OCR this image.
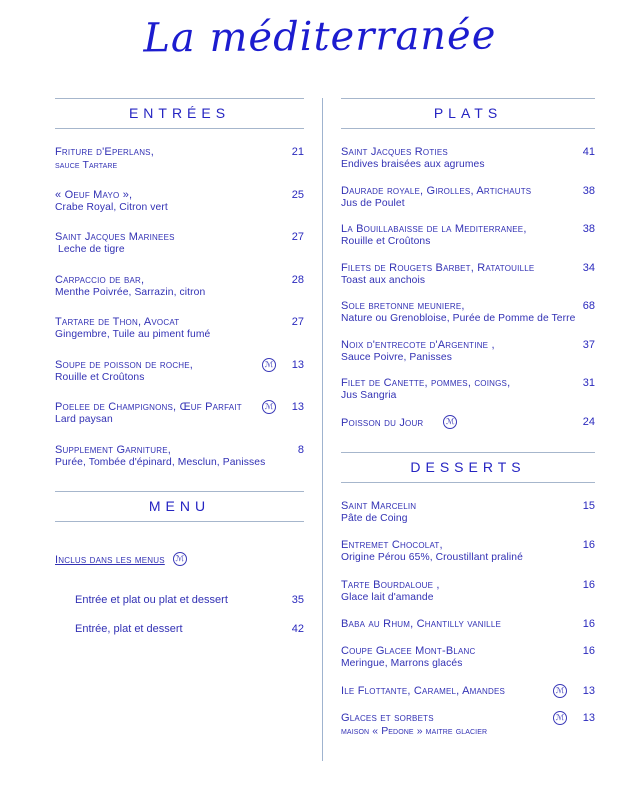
La méditerranée
ENTRÉES
Friture d'Eperlans,
sauce Tartare
21
« Oeuf Mayo »,
Crabe Royal, Citron vert
25
Saint Jacques Marinees
Leche de tigre
27
Carpaccio de bar,
Menthe Poivrée, Sarrazin, citron
28
Tartare de Thon, Avocat
Gingembre, Tuile au piment fumé
27
Soupe de poisson de roche,
Rouille et Croûtons
ℳ	13
Poelee de Champignons, Œuf Parfait
Lard paysan
ℳ	13
Supplement Garniture,
Purée, Tombée d'épinard, Mesclun, Panisses
8
MENU
Inclus dans les menus ℳ
Entrée et plat ou plat et dessert	35
Entrée, plat et dessert	42
PLATS
Saint Jacques Roties
Endives braisées aux agrumes
41
Daurade royale, Girolles, Artichauts
Jus de Poulet
38
La Bouillabaisse de la Mediterranee,
Rouille et Croûtons
38
Filets de Rougets Barbet, Ratatouille
Toast aux anchois
34
Sole bretonne meuniere,
Nature ou Grenobloise, Purée de Pomme de Terre
68
Noix d'entrecote d'Argentine ,
Sauce Poivre, Panisses
37
Filet de Canette, pommes, coings,
Jus Sangria
31
Poisson du Jour	ℳ	24
DESSERTS
Saint Marcelin
Pâte de Coing
15
Entremet Chocolat,
Origine Pérou 65%, Croustillant praliné
16
Tarte Bourdaloue ,
Glace lait d'amande
16
Baba au Rhum, Chantilly vanille	16
Coupe Glacee Mont-Blanc
Meringue, Marrons glacés
16
Ile Flottante, Caramel, Amandes	ℳ	13
Glaces et sorbets
maison « Pedone » maitre glacier
ℳ	13
